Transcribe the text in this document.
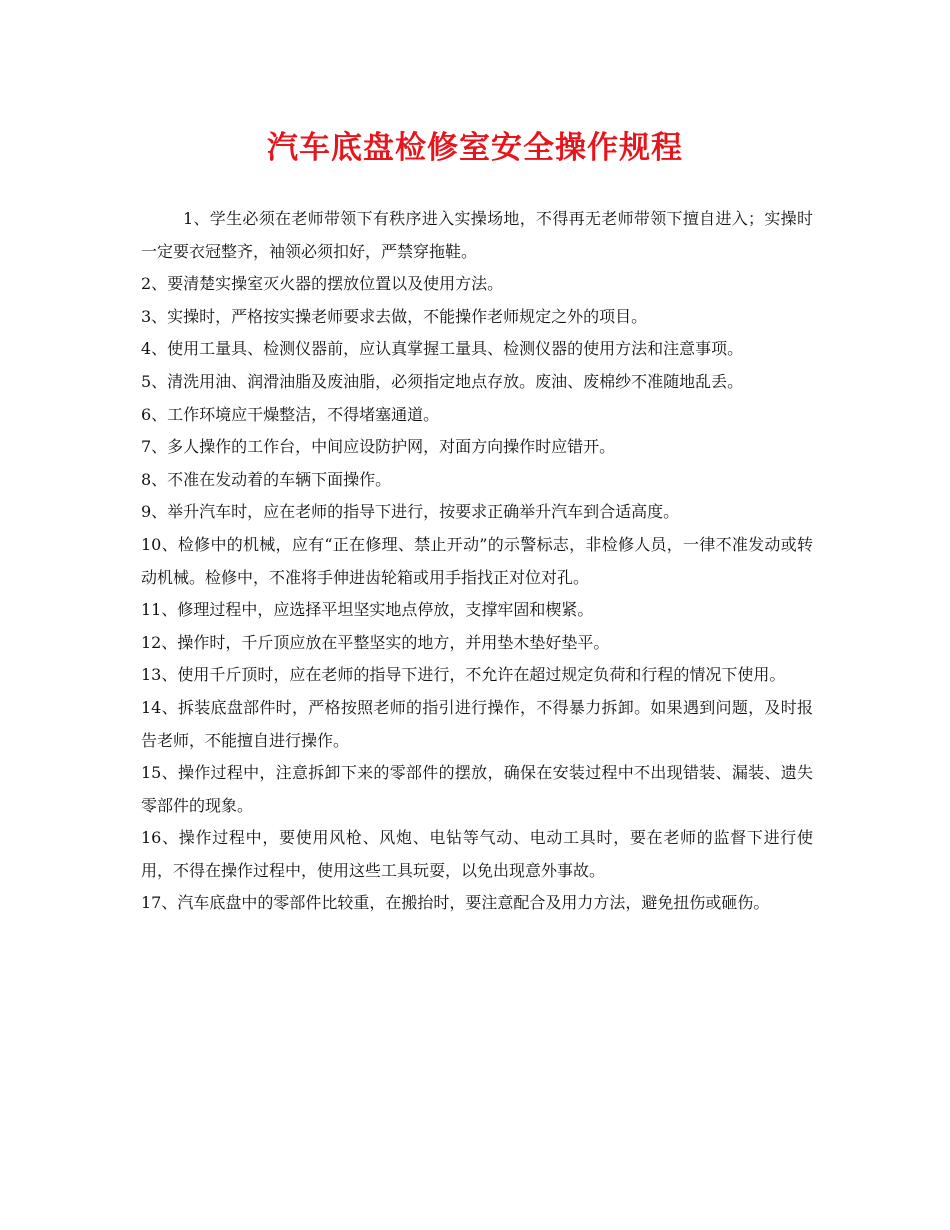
汽车底盘检修室安全操作规程

1、学生必须在老师带领下有秩序进入实操场地，不得再无老师带领下擅自进入；实操时一定要衣冠整齐，袖领必须扣好，严禁穿拖鞋。

2、要清楚实操室灭火器的摆放位置以及使用方法。

3、实操时，严格按实操老师要求去做，不能操作老师规定之外的项目。

4、使用工量具、检测仪器前，应认真掌握工量具、检测仪器的使用方法和注意事项。

5、清洗用油、润滑油脂及废油脂，必须指定地点存放。废油、废棉纱不准随地乱丢。

6、工作环境应干燥整洁，不得堵塞通道。

7、多人操作的工作台，中间应设防护网，对面方向操作时应错开。

8、不准在发动着的车辆下面操作。

9、举升汽车时，应在老师的指导下进行，按要求正确举升汽车到合适高度。

10、检修中的机械，应有“正在修理、禁止开动”的示警标志，非检修人员，一律不准发动或转动机械。检修中，不准将手伸进齿轮箱或用手指找正对位对孔。

11、修理过程中，应选择平坦坚实地点停放，支撑牢固和楔紧。

12、操作时，千斤顶应放在平整坚实的地方，并用垫木垫好垫平。

13、使用千斤顶时，应在老师的指导下进行，不允许在超过规定负荷和行程的情况下使用。

14、拆装底盘部件时，严格按照老师的指引进行操作，不得暴力拆卸。如果遇到问题，及时报告老师，不能擅自进行操作。

15、操作过程中，注意拆卸下来的零部件的摆放，确保在安装过程中不出现错装、漏装、遗失零部件的现象。

16、操作过程中，要使用风枪、风炮、电钻等气动、电动工具时，要在老师的监督下进行使用，不得在操作过程中，使用这些工具玩耍，以免出现意外事故。

17、汽车底盘中的零部件比较重，在搬抬时，要注意配合及用力方法，避免扭伤或砸伤。
